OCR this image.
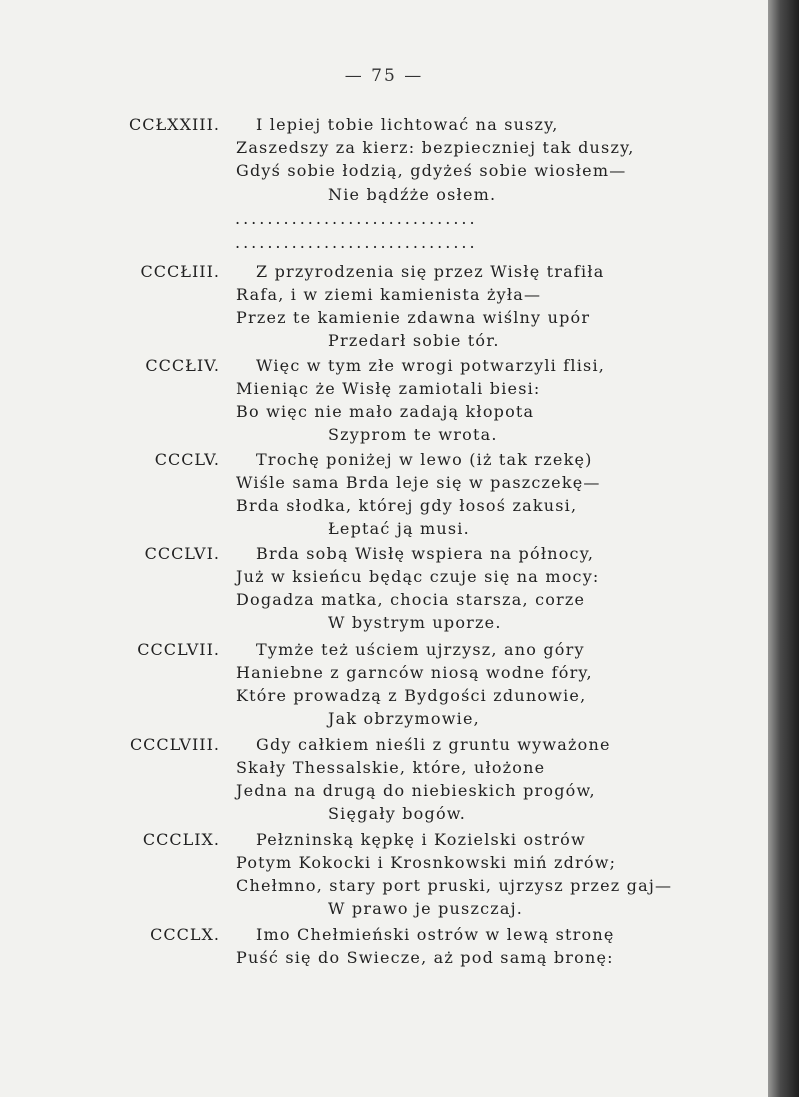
— 75 —
CCŁXXIII. I lepiej tobie lichtować na suszy,
Zaszedszy za kierz: bezpieczniej tak duszy,
Gdyś sobie łodzią, gdyżeś sobie wiosłem—
Nie bądźże osłem.
..............................
..............................
CCCŁIII. Z przyrodzenia się przez Wisłę trafiła
Rafa, i w ziemi kamienista żyła—
Przez te kamienie zdawna wiślny upór
Przedarł sobie tór.
CCCŁIV. Więc w tym złe wrogi potwarzyli flisi,
Mieniąc że Wisłę zamiotali biesi:
Bo więc nie mało zadają kłopota
Szyprom te wrota.
CCCLV. Trochę poniżej w lewo (iż tak rzekę)
Wiśle sama Brda leje się w paszczekę—
Brda słodka, której gdy łosoś zakusi,
Łeptać ją musi.
CCCLVI. Brda sobą Wisłę wspiera na północy,
Już w ksieńcu będąc czuje się na mocy:
Dogadza matka, chocia starsza, corze
W bystrym uporze.
CCCLVII. Tymże też uściem ujrzysz, ano góry
Haniebne z garnców niosą wodne fóry,
Które prowadzą z Bydgości zdunowie,
Jak obrzymowie,
CCCLVIII. Gdy całkiem nieśli z gruntu wyważone
Skały Thessalskie, które, ułożone
Jedna na drugą do niebieskich progów,
Sięgały bogów.
CCCLIX. Pełzninską kępkę i Kozielski ostrów
Potym Kokocki i Krosnkowski miń zdrów;
Chełmno, stary port pruski, ujrzysz przez gaj—
W prawo je puszczaj.
CCCLX. Imo Chełmieński ostrów w lewą stronę
Puść się do Swiecze, aż pod samą bronę:
